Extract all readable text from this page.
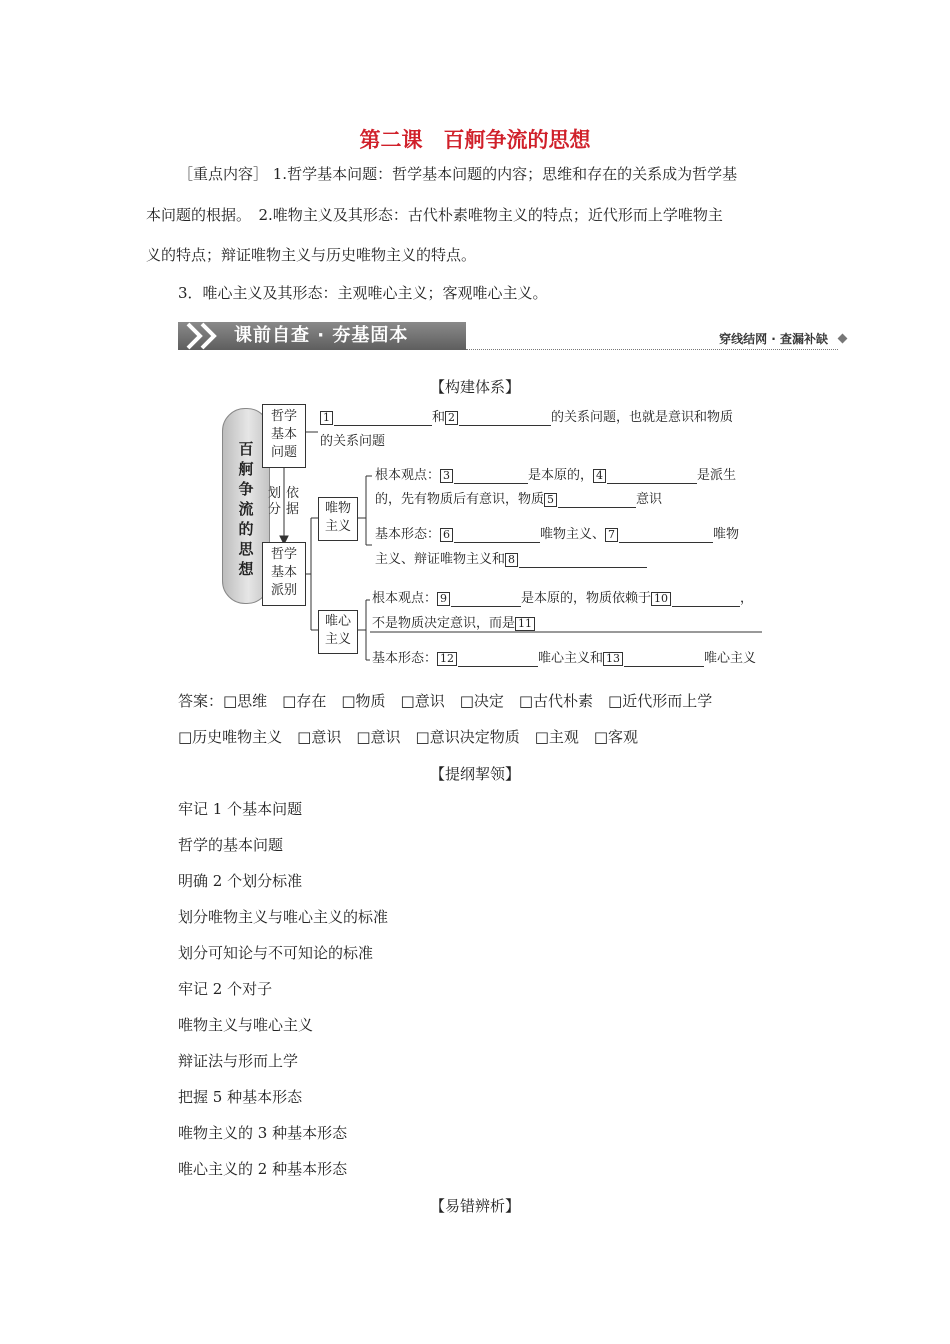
第二课　百舸争流的思想
［重点内容］ 1.哲学基本问题：哲学基本问题的内容；思维和存在的关系成为哲学基
本问题的根据。　2.唯物主义及其形态：古代朴素唯物主义的特点；近代形而上学唯物主
义的特点；辩证唯物主义与历史唯物主义的特点。
3．唯心主义及其形态：主观唯心主义；客观唯心主义。
课前自查 · 夯基固本	穿线结网 · 查漏补缺
【构建体系】
百舸争流的思想
哲学基本问题
哲学基本派别
划分
依据 唯物主义
唯心主义
1	和 2	的关系问题，也就是意识和物质
的关系问题
根本观点： 3	是本原的， 4	是派生
的，先有物质后有意识，物质 5	意识
基本形态： 6	唯物主义、 7	唯物
主义、辩证唯物主义和 8
根本观点： 9	是本原的，物质依赖于 10	，
不是物质决定意识，而是 11
基本形态： 12	唯心主义和 13	唯心主义
答案：□思维　□存在　□物质　□意识　□决定　□古代朴素　□近代形而上学
□历史唯物主义　□意识　□意识　□意识决定物质　□主观　□客观
【提纲挈领】
牢记 1 个基本问题
哲学的基本问题
明确 2 个划分标准
划分唯物主义与唯心主义的标准
划分可知论与不可知论的标准
牢记 2 个对子
唯物主义与唯心主义
辩证法与形而上学
把握 5 种基本形态
唯物主义的 3 种基本形态
唯心主义的 2 种基本形态
【易错辨析】
